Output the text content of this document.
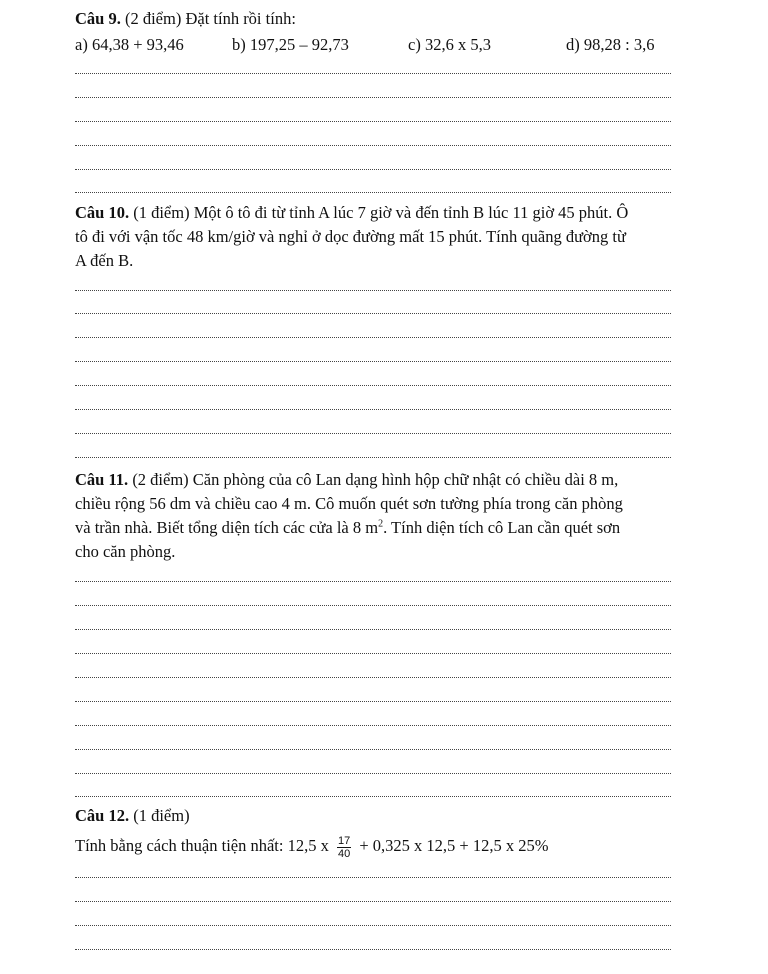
Câu 9. (2 điểm) Đặt tính rồi tính:
a) 64,38 + 93,46	b) 197,25 – 92,73	c) 32,6 x 5,3	d) 98,28 : 3,6
Câu 10. (1 điểm) Một ô tô đi từ tỉnh A lúc 7 giờ và đến tỉnh B lúc 11 giờ 45 phút. Ô
tô đi với vận tốc 48 km/giờ và nghỉ ở dọc đường mất 15 phút. Tính quãng đường từ
A đến B.
Câu 11. (2 điểm) Căn phòng của cô Lan dạng hình hộp chữ nhật có chiều dài 8 m,
chiều rộng 56 dm và chiều cao 4 m. Cô muốn quét sơn tường phía trong căn phòng
và trần nhà. Biết tổng diện tích các cửa là 8 $m^2$. Tính diện tích cô Lan cần quét sơn
cho căn phòng.
Câu 12. (1 điểm)
Tính bằng cách thuận tiện nhất: 12,5 x $\frac{17}{40} + 0,325$ x 12,5 + 12,5 x 25%
